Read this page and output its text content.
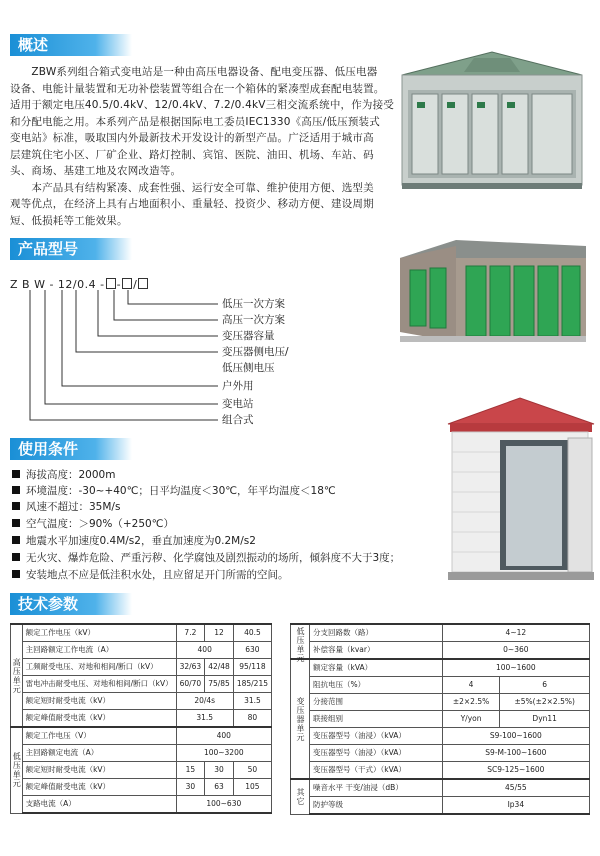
概述
产品型号
使用条件
技术参数
　　ZBW系列组合箱式变电站是一种由高压电器设备、配电变压器、低压电器
设备、电能计量装置和无功补偿装置等组合在一个箱体的紧凑型成套配电装置。
适用于额定电压40.5/0.4kV、12/0.4kV、7.2/0.4kV三相交流系统中，作为接受
和分配电能之用。本系列产品是根据国际电工委员IEC1330《高压/低压预装式
变电站》标准，吸取国内外最新技术开发设计的新型产品。广泛适用于城市高
层建筑住宅小区、厂矿企业、路灯控制、宾馆、医院、油田、机场、车站、码
头、商场、基建工地及农网改造等。
　　本产品具有结构紧凑、成套性强、运行安全可靠、维护使用方便、选型美
观等优点，在经济上具有占地面积小、重量轻、投资少、移动方便、建设周期
短、低损耗等工能效果。
Z B W - 12/0.4 - - /
低压一次方案
高压一次方案
变压器容量
变压器侧电压/
低压侧电压
户外用
变电站
组合式
海拔高度：2000m
环境温度：-30~+40℃；日平均温度＜30℃，年平均温度＜18℃
风速不超过：35M/s
空气温度：＞90%（+250℃）
地震水平加速度0.4M/s2，垂直加速度为0.2M/s2
无火灾、爆炸危险、严重污秽、化学腐蚀及剧烈振动的场所，倾斜度不大于3度；
安装地点不应是低洼积水处，且应留足开门所需的空间。
高压单元	额定工作电压（kV）	7.2	12	40.5
	主回路额定工作电流（A）	400		630
	工频耐受电压、对地和相间/断口（kV）	32/63	42/48	95/118
	雷电冲击耐受电压、对地和相间/断口（kV）	60/70	75/85	185/215
	额定短时耐受电流（kV）	20/4s		31.5
	额定峰值耐受电流（kV）	31.5		80
低压单元	额定工作电压（V）	400		
	主回路额定电流（A）	100~3200		
	额定短时耐受电流（kV）	15	30	50
	额定峰值耐受电流（kV）	30	63	105
	支路电流（A）	100~630		
低压单元	分支回路数（路）	4~12	
	补偿容量（kvar）	0~360	
变压器单元	额定容量（kVA）	100~1600	
	阻抗电压（%）	4	6
	分接范围	±2×2.5%	±5%(±2×2.5%)
	联接组别	Y/yon	Dyn11
	变压器型号（油浸）（kVA）	S9-100~1600	
	变压器型号（油浸）（kVA）	S9-M-100~1600	
	变压器型号（干式）（kVA）	SC9-125~1600	
其它	噪音水平 干变/油浸（dB）	45/55	
	防护等级	Ip34	
